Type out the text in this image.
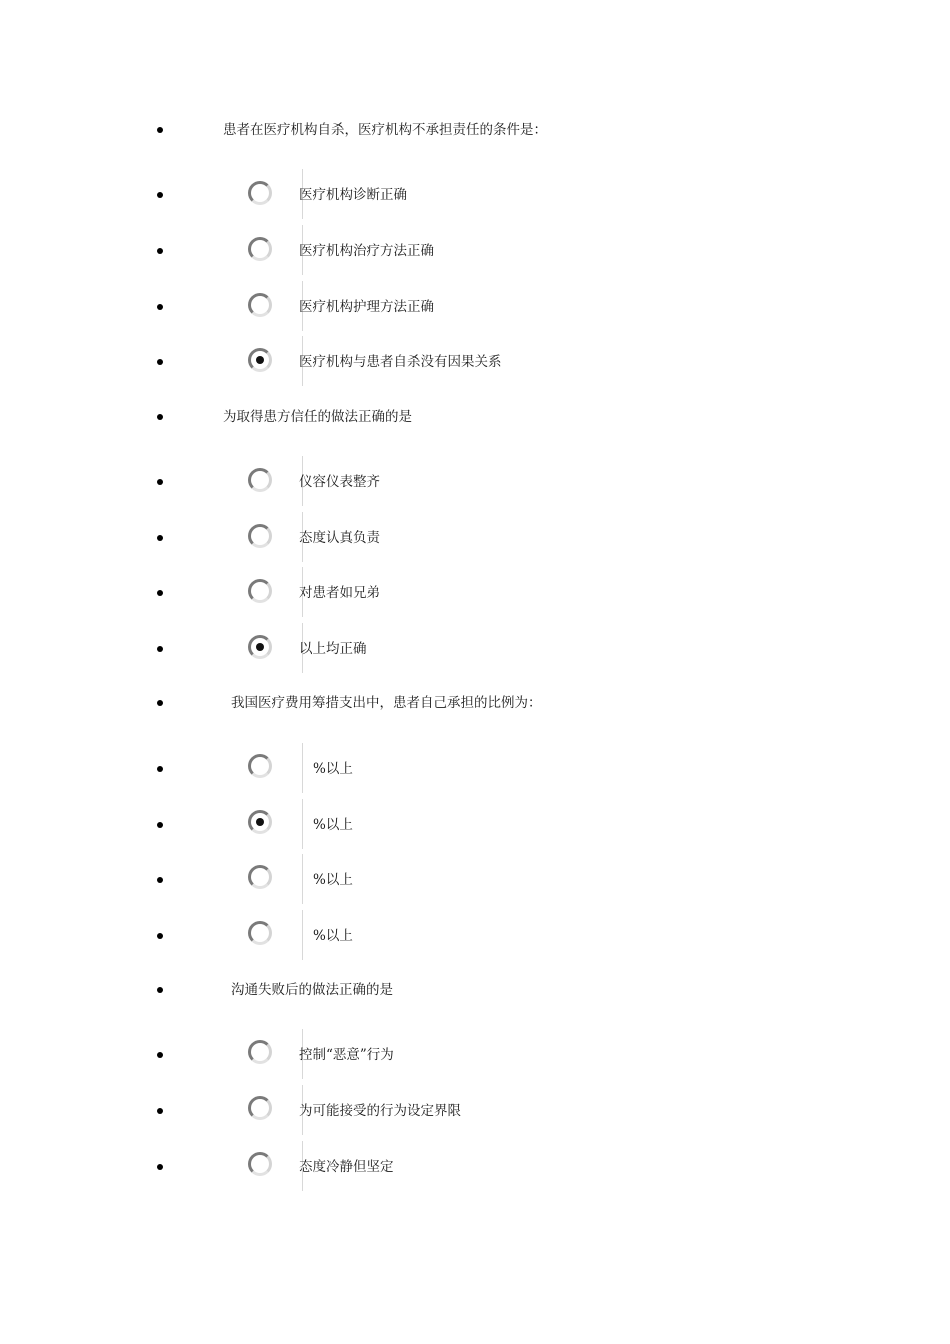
患者在医疗机构自杀，医疗机构不承担责任的条件是：
医疗机构诊断正确
医疗机构治疗方法正确
医疗机构护理方法正确
医疗机构与患者自杀没有因果关系
为取得患方信任的做法正确的是
仪容仪表整齐
态度认真负责
对患者如兄弟
以上均正确
我国医疗费用筹措支出中，患者自己承担的比例为：
%以上
%以上
%以上
%以上
沟通失败后的做法正确的是
控制“恶意”行为
为可能接受的行为设定界限
态度冷静但坚定
